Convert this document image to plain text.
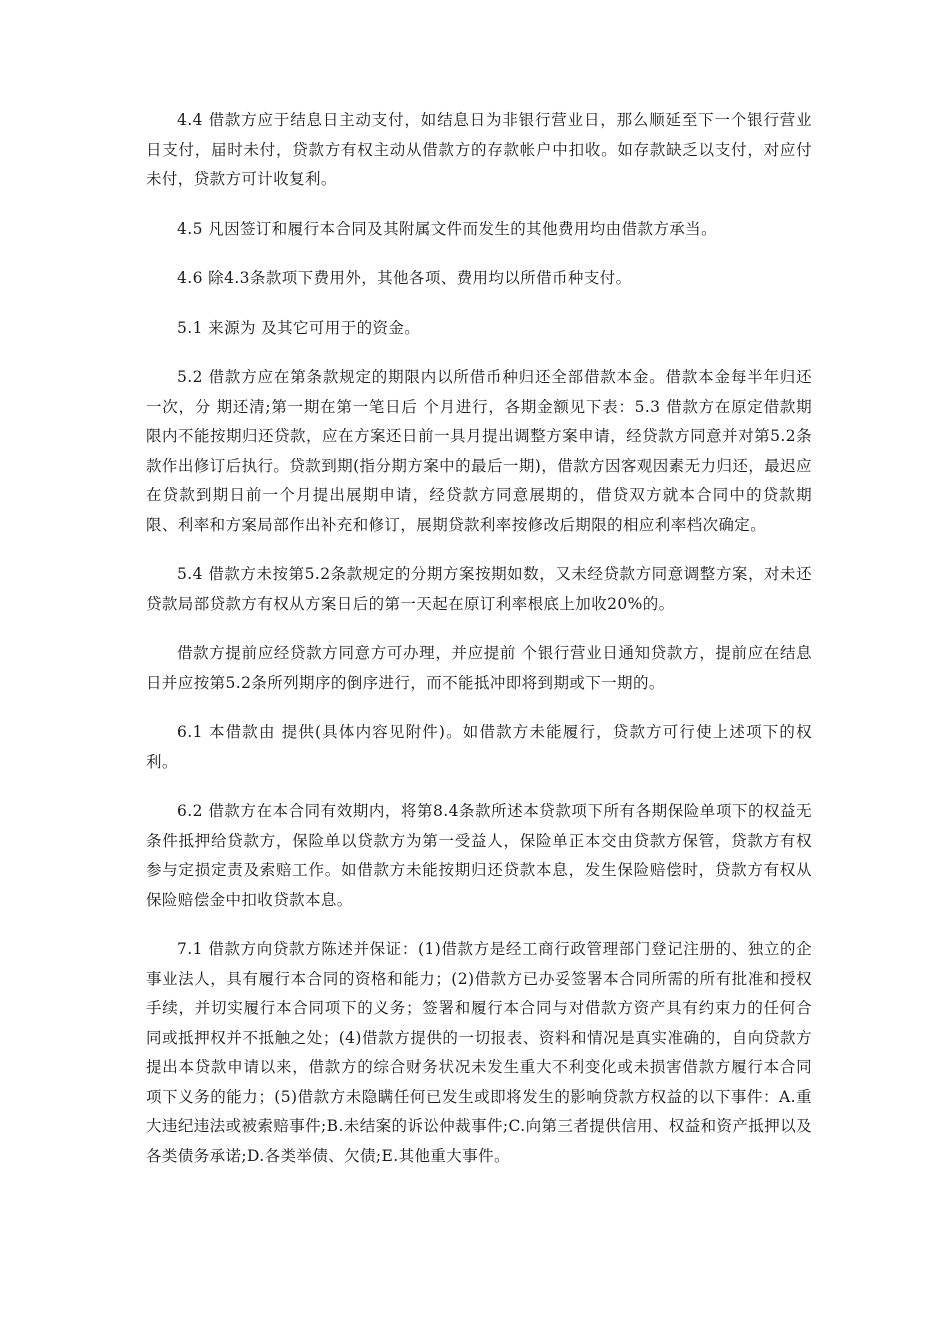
4.4 借款方应于结息日主动支付，如结息日为非银行营业日，那么顺延至下一个银行营业日支付，届时未付，贷款方有权主动从借款方的存款帐户中扣收。如存款缺乏以支付，对应付未付，贷款方可计收复利。

4.5 凡因签订和履行本合同及其附属文件而发生的其他费用均由借款方承当。

4.6 除4.3条款项下费用外，其他各项、费用均以所借币种支付。

5.1 来源为 及其它可用于的资金。

5.2 借款方应在第条款规定的期限内以所借币种归还全部借款本金。借款本金每半年归还一次，分 期还清;第一期在第一笔日后 个月进行，各期金额见下表：5.3 借款方在原定借款期限内不能按期归还贷款，应在方案还日前一具月提出调整方案申请，经贷款方同意并对第5.2条款作出修订后执行。贷款到期(指分期方案中的最后一期)，借款方因客观因素无力归还，最迟应在贷款到期日前一个月提出展期申请，经贷款方同意展期的，借贷双方就本合同中的贷款期限、利率和方案局部作出补充和修订，展期贷款利率按修改后期限的相应利率档次确定。

5.4 借款方未按第5.2条款规定的分期方案按期如数，又未经贷款方同意调整方案，对未还贷款局部贷款方有权从方案日后的第一天起在原订利率根底上加收20%的。

借款方提前应经贷款方同意方可办理，并应提前 个银行营业日通知贷款方，提前应在结息日并应按第5.2条所列期序的倒序进行，而不能抵冲即将到期或下一期的。

6.1 本借款由 提供(具体内容见附件)。如借款方未能履行，贷款方可行使上述项下的权利。

6.2 借款方在本合同有效期内，将第8.4条款所述本贷款项下所有各期保险单项下的权益无条件抵押给贷款方，保险单以贷款方为第一受益人，保险单正本交由贷款方保管，贷款方有权参与定损定责及索赔工作。如借款方未能按期归还贷款本息，发生保险赔偿时，贷款方有权从保险赔偿金中扣收贷款本息。

7.1 借款方向贷款方陈述并保证：(1)借款方是经工商行政管理部门登记注册的、独立的企事业法人，具有履行本合同的资格和能力；(2)借款方已办妥签署本合同所需的所有批准和授权手续，并切实履行本合同项下的义务；签署和履行本合同与对借款方资产具有约束力的任何合同或抵押权并不抵触之处；(4)借款方提供的一切报表、资料和情况是真实准确的，自向贷款方提出本贷款申请以来，借款方的综合财务状况未发生重大不利变化或未损害借款方履行本合同项下义务的能力；(5)借款方未隐瞒任何已发生或即将发生的影响贷款方权益的以下事件：A.重大违纪违法或被索赔事件;B.未结案的诉讼仲裁事件;C.向第三者提供信用、权益和资产抵押以及各类债务承诺;D.各类举债、欠债;E.其他重大事件。
